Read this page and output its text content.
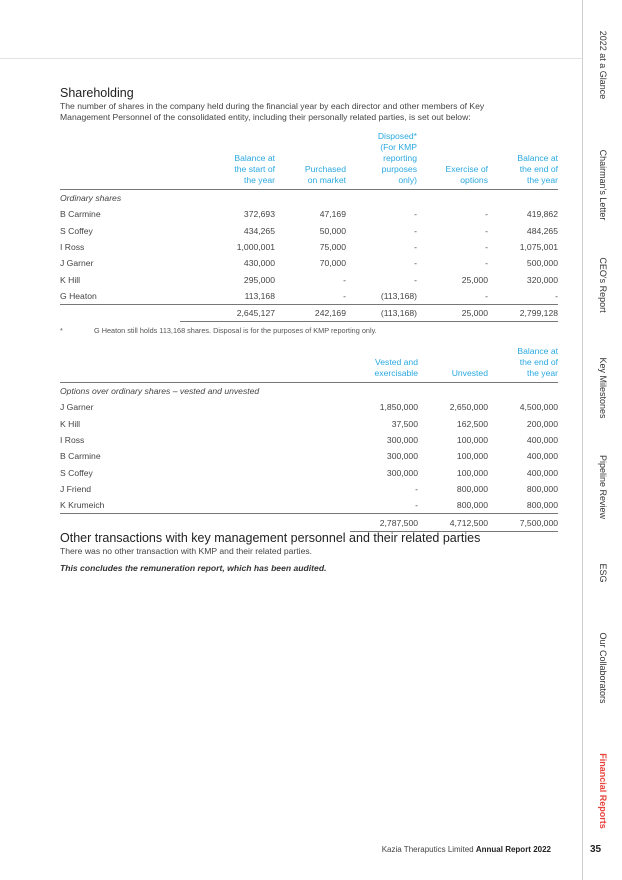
2022 at a Glance
Chairman's Letter
CEO's Report
Key Milestones
Pipeline Review
ESG
Our Collaborators
Financial Reports
Shareholding
The number of shares in the company held during the financial year by each director and other members of Key Management Personnel of the consolidated entity, including their personally related parties, is set out below:
	Balance at
the start of
the year	Purchased
on market	Disposed*
(For KMP
reporting
purposes
only)	Exercise of
options	Balance at
the end of
the year
Ordinary shares					
B Carmine	372,693	47,169	-	-	419,862
S Coffey	434,265	50,000	-	-	484,265
I Ross	1,000,001	75,000	-	-	1,075,001
J Garner	430,000	70,000	-	-	500,000
K Hill	295,000	-	-	25,000	320,000
G Heaton	113,168	-	(113,168)	-	-
	2,645,127	242,169	(113,168)	25,000	2,799,128
*	G Heaton still holds 113,168 shares. Disposal is for the purposes of KMP reporting only.
	Vested and
exercisable	Unvested	Balance at
the end of
the year
Options over ordinary shares – vested and unvested			
J Garner	1,850,000	2,650,000	4,500,000
K Hill	37,500	162,500	200,000
I Ross	300,000	100,000	400,000
B Carmine	300,000	100,000	400,000
S Coffey	300,000	100,000	400,000
J Friend	-	800,000	800,000
K Krumeich	-	800,000	800,000
	2,787,500	4,712,500	7,500,000
Other transactions with key management personnel and their related parties
There was no other transaction with KMP and their related parties.
This concludes the remuneration report, which has been audited.
Kazia Theraputics Limited Annual Report 2022	35
